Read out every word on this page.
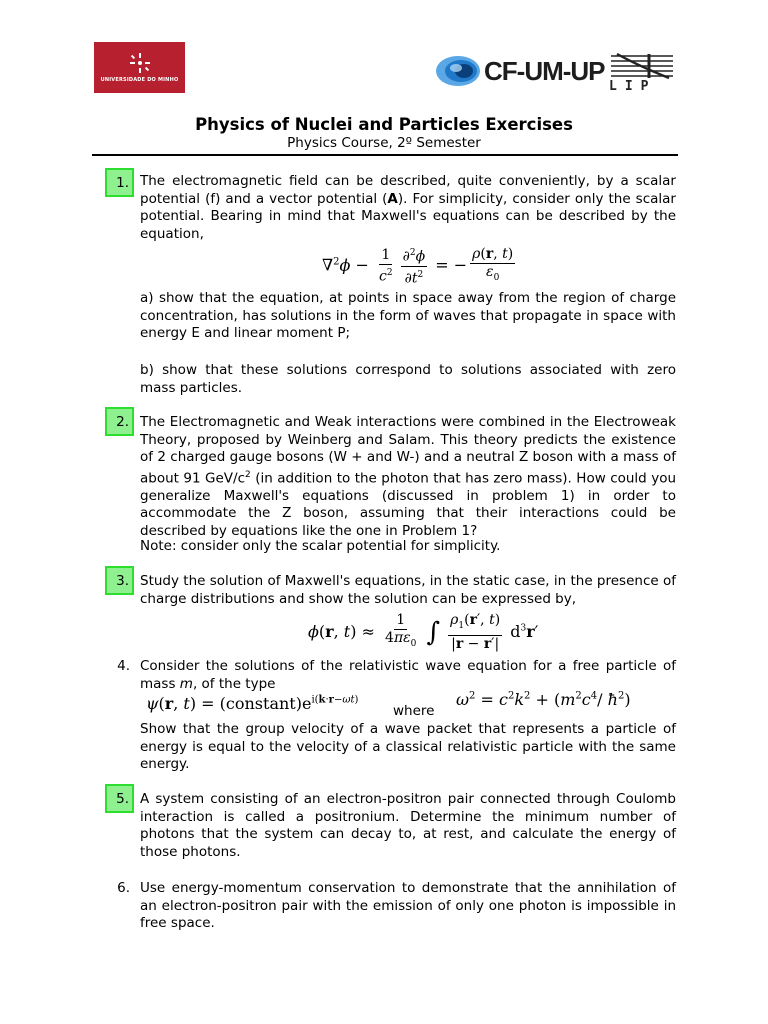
UNIVERSIDADE DO MINHO	CF-UM-UP
LIP
Physics of Nuclei and Particles Exercises
Physics Course, 2º Semester
1. The electromagnetic field can be described, quite conveniently, by a scalar potential (f) and a vector potential (A). For simplicity, consider only the scalar potential. Bearing in mind that Maxwell's equations can be described by the equation,
$\nabla^2\phi - \frac{1}{c^2} \frac{\partial^2\phi}{\partial t^2}$ = − $\frac{\rho(r, t)}{\varepsilon_0}$
a) show that the equation, at points in space away from the region of charge concentration, has solutions in the form of waves that propagate in space with energy E and linear moment P;
b) show that these solutions correspond to solutions associated with zero mass particles.
2. The Electromagnetic and Weak interactions were combined in the Electroweak Theory, proposed by Weinberg and Salam. This theory predicts the existence of 2 charged gauge bosons (W + and W-) and a neutral Z boson with a mass of about 91 GeV/$c^2$ (in addition to the photon that has zero mass). How could you generalize Maxwell's equations (discussed in problem 1) in order to accommodate the Z boson, assuming that their interactions could be described by equations like the one in Problem 1?
Note: consider only the scalar potential for simplicity.
3. Study the solution of Maxwell's equations, in the static case, in the presence of charge distributions and show the solution can be expressed by,
ϕ(r, $t) \approx \frac{1}{4\pi\varepsilon_0}$ ∫ $\frac{\rho_1(r', t)}{|r - r'|} d^3r'$
4. Consider the solutions of the relativistic wave equation for a free particle of mass m, of the type
ψ(r, $t) = (constant)e^{i(k\cdot r-\omega t)}$
where
$\omega^2 = c^2k^2 + (m^2c^4/$ $ħ^2$)
Show that the group velocity of a wave packet that represents a particle of energy is equal to the velocity of a classical relativistic particle with the same energy.
5. A system consisting of an electron-positron pair connected through Coulomb interaction is called a positronium. Determine the minimum number of photons that the system can decay to, at rest, and calculate the energy of those photons.
6. Use energy-momentum conservation to demonstrate that the annihilation of an electron-positron pair with the emission of only one photon is impossible in free space.
